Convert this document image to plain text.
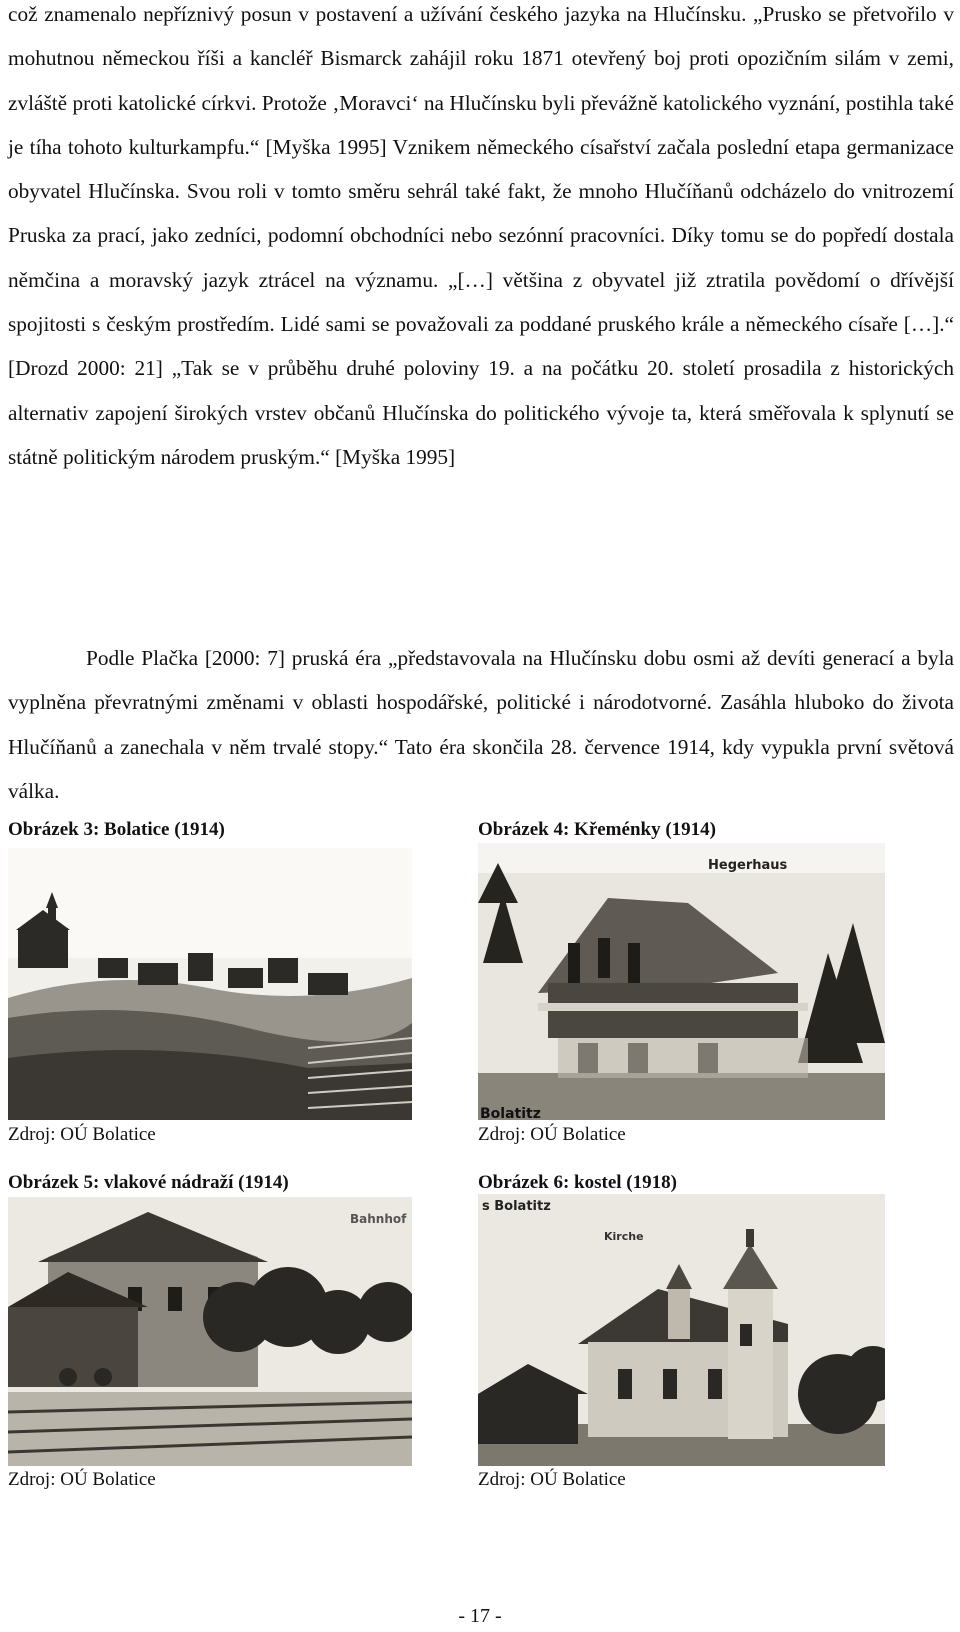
což znamenalo nepříznivý posun v postavení a užívání českého jazyka na Hlučínsku. „Prusko se přetvořilo v mohutnou německou říši a kancléř Bismarck zahájil roku 1871 otevřený boj proti opozičním silám v zemi, zvláště proti katolické církvi. Protože ‚Moravci‘ na Hlučínsku byli převážně katolického vyznání, postihla také je tíha tohoto kulturkampfu.“ [Myška 1995] Vznikem německého císařství začala poslední etapa germanizace obyvatel Hlučínska. Svou roli v tomto směru sehrál také fakt, že mnoho Hlučíňanů odcházelo do vnitrozemí Pruska za prací, jako zedníci, podomní obchodníci nebo sezónní pracovníci. Díky tomu se do popředí dostala němčina a moravský jazyk ztrácel na významu. „[…] většina z obyvatel již ztratila povědomí o dřívější spojitosti s českým prostředím. Lidé sami se považovali za poddané pruského krále a německého císaře […].“ [Drozd 2000: 21] „Tak se v průběhu druhé poloviny 19. a na počátku 20. století prosadila z historických alternativ zapojení širokých vrstev občanů Hlučínska do politického vývoje ta, která směřovala k splynutí se státně politickým národem pruským.“ [Myška 1995]

Podle Plačka [2000: 7] pruská éra „představovala na Hlučínsku dobu osmi až devíti generací a byla vyplněna převratnými změnami v oblasti hospodářské, politické i národotvorné. Zasáhla hluboko do života Hlučíňanů a zanechala v něm trvalé stopy.“ Tato éra skončila 28. července 1914, kdy vypukla první světová válka.

Obrázek 3: Bolatice (1914)
Zdroj: OÚ Bolatice
Obrázek 4: Křeménky (1914)
Hegerhaus
Bolatitz
Zdroj: OÚ Bolatice
Obrázek 5: vlakové nádraží (1914)
Bahnhof
Zdroj: OÚ Bolatice
Obrázek 6: kostel (1918)
Kirche
s Bolatitz
Zdroj: OÚ Bolatice
- 17 -
